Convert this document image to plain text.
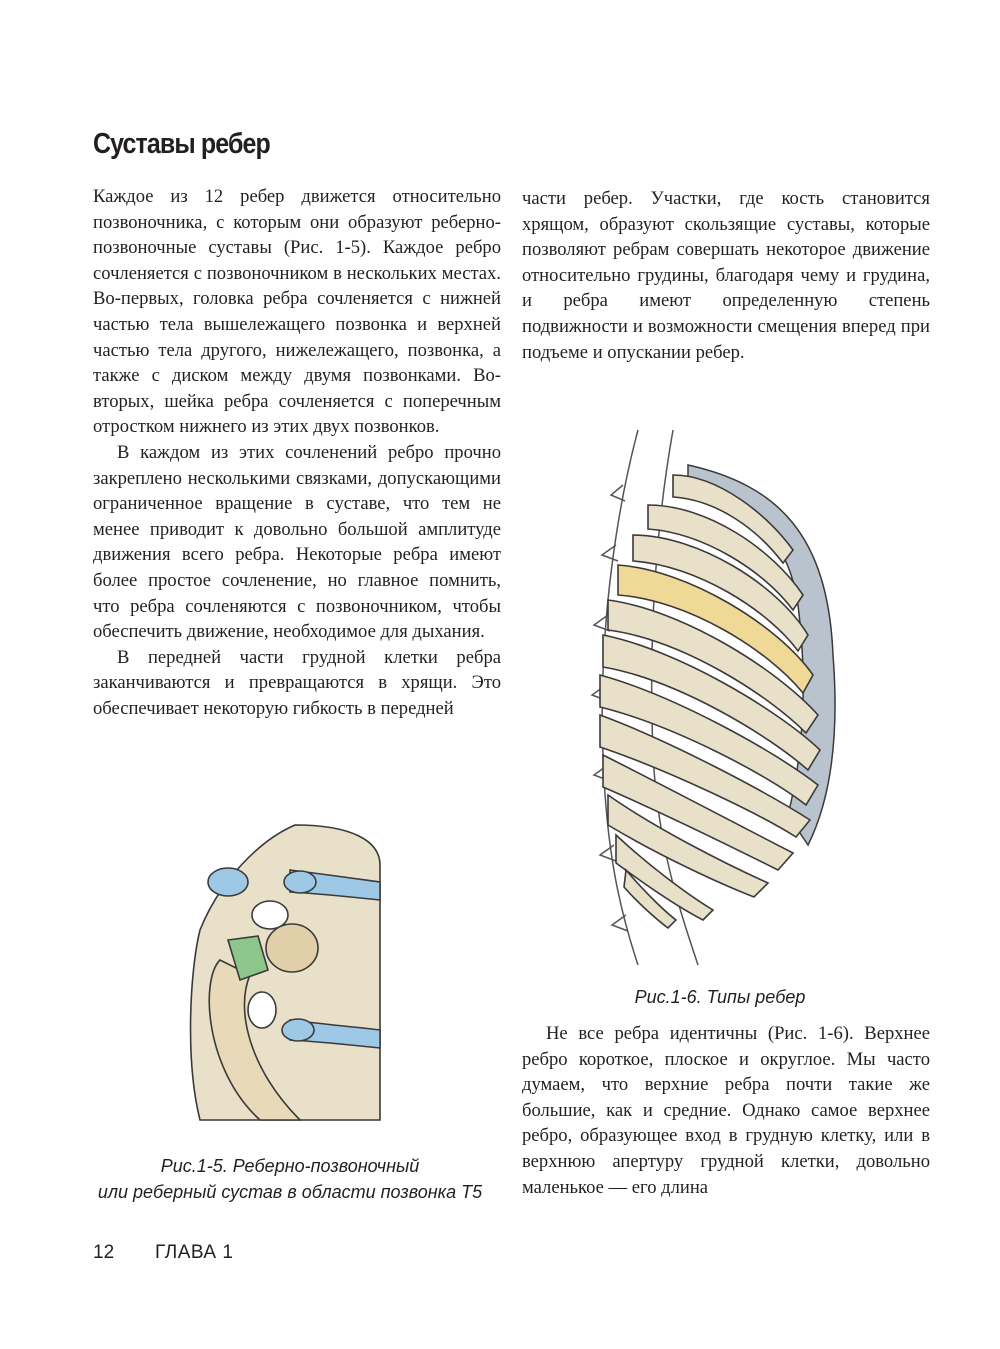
Суставы ребер

Каждое из 12 ребер движется относительно позвоночника, с которым они образуют реберно-позвоночные суставы (Рис. 1-5). Каждое ребро сочленяется с позвоночником в нескольких местах. Во-первых, головка ребра сочленяется с нижней частью тела вышележащего позвонка и верхней частью тела другого, нижележащего, позвонка, а также с диском между двумя позвонками. Во-вторых, шейка ребра сочленяется с поперечным отростком нижнего из этих двух позвонков.

В каждом из этих сочленений ребро прочно закреплено несколькими связками, допускающими ограниченное вращение в суставе, что тем не менее приводит к довольно большой амплитуде движения всего ребра. Некоторые ребра имеют более простое сочленение, но главное помнить, что ребра сочленяются с позвоночником, чтобы обеспечить движение, необходимое для дыхания.

В передней части грудной клетки ребра заканчиваются и превращаются в хрящи. Это обеспечивает некоторую гибкость в передней

части ребер. Участки, где кость становится хрящом, образуют скользящие суставы, которые позволяют ребрам совершать некоторое движение относительно грудины, благодаря чему и грудина, и ребра имеют определенную степень подвижности и возможности смещения вперед при подъеме и опускании ребер.

Рис.1-6. Типы ребер

Не все ребра идентичны (Рис. 1-6). Верхнее ребро короткое, плоское и округлое. Мы часто думаем, что верхние ребра почти такие же большие, как и средние. Однако самое верхнее ребро, образующее вход в грудную клетку, или в верхнюю апертуру грудной клетки, довольно маленькое — его длина

Рис.1-5. Реберно-позвоночный
или реберный сустав в области позвонка Т5

12 ГЛАВА 1
